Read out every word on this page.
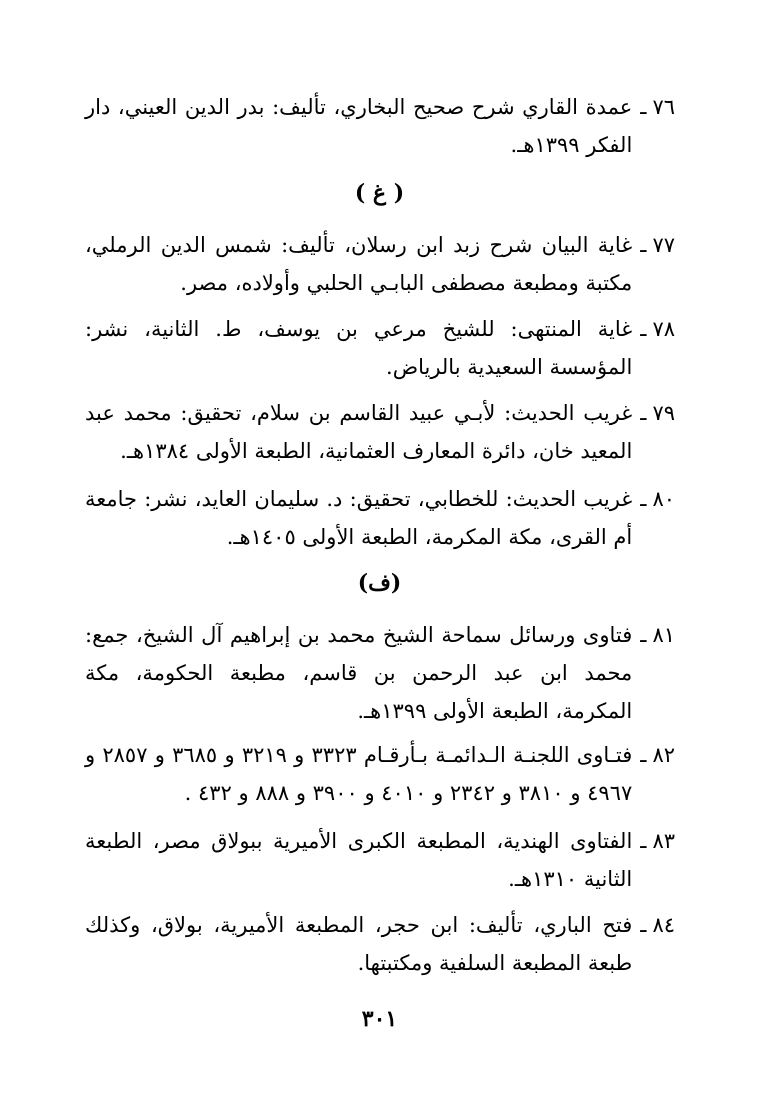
٧٦
ـ
عمدة القاري شرح صحيح البخاري، تأليف: بدر الدين العيني، دار الفكر ١٣٩٩هـ.
( غ )
٧٧
ـ
غاية البيان شرح زبد ابن رسلان، تأليف: شمس الدين الرملي، مكتبة ومطبعة مصطفى البابـي الحلبي وأولاده، مصر.
٧٨
ـ
غاية المنتهى: للشيخ مرعي بن يوسف، ط. الثانية، نشر: المؤسسة السعيدية بالرياض.
٧٩
ـ
غريب الحديث: لأبـي عبيد القاسم بن سلام، تحقيق: محمد عبد المعيد خان، دائرة المعارف العثمانية، الطبعة الأولى ١٣٨٤هـ.
٨٠
ـ
غريب الحديث: للخطابي، تحقيق: د. سليمان العايد، نشر: جامعة أم القرى، مكة المكرمة، الطبعة الأولى ١٤٠٥هـ.
(ف)
٨١
ـ
فتاوى ورسائل سماحة الشيخ محمد بن إبراهيم آل الشيخ، جمع: محمد ابن عبد الرحمن بن قاسم، مطبعة الحكومة، مكة المكرمة، الطبعة الأولى ١٣٩٩هـ.
٨٢
ـ
فتـاوى اللجنـة الـدائمـة بـأرقـام ٣٣٢٣ و ٣٢١٩ و ٣٦٨٥ و ٢٨٥٧ و ٤٩٦٧ و ٣٨١٠ و ٢٣٤٢ و ٤٠١٠ و ٣٩٠٠ و ٨٨٨ و ٤٣٢ .
٨٣
ـ
الفتاوى الهندية، المطبعة الكبرى الأميرية ببولاق مصر، الطبعة الثانية ١٣١٠هـ.
٨٤
ـ
فتح الباري، تأليف: ابن حجر، المطبعة الأميرية، بولاق، وكذلك طبعة المطبعة السلفية ومكتبتها.
٣٠١
